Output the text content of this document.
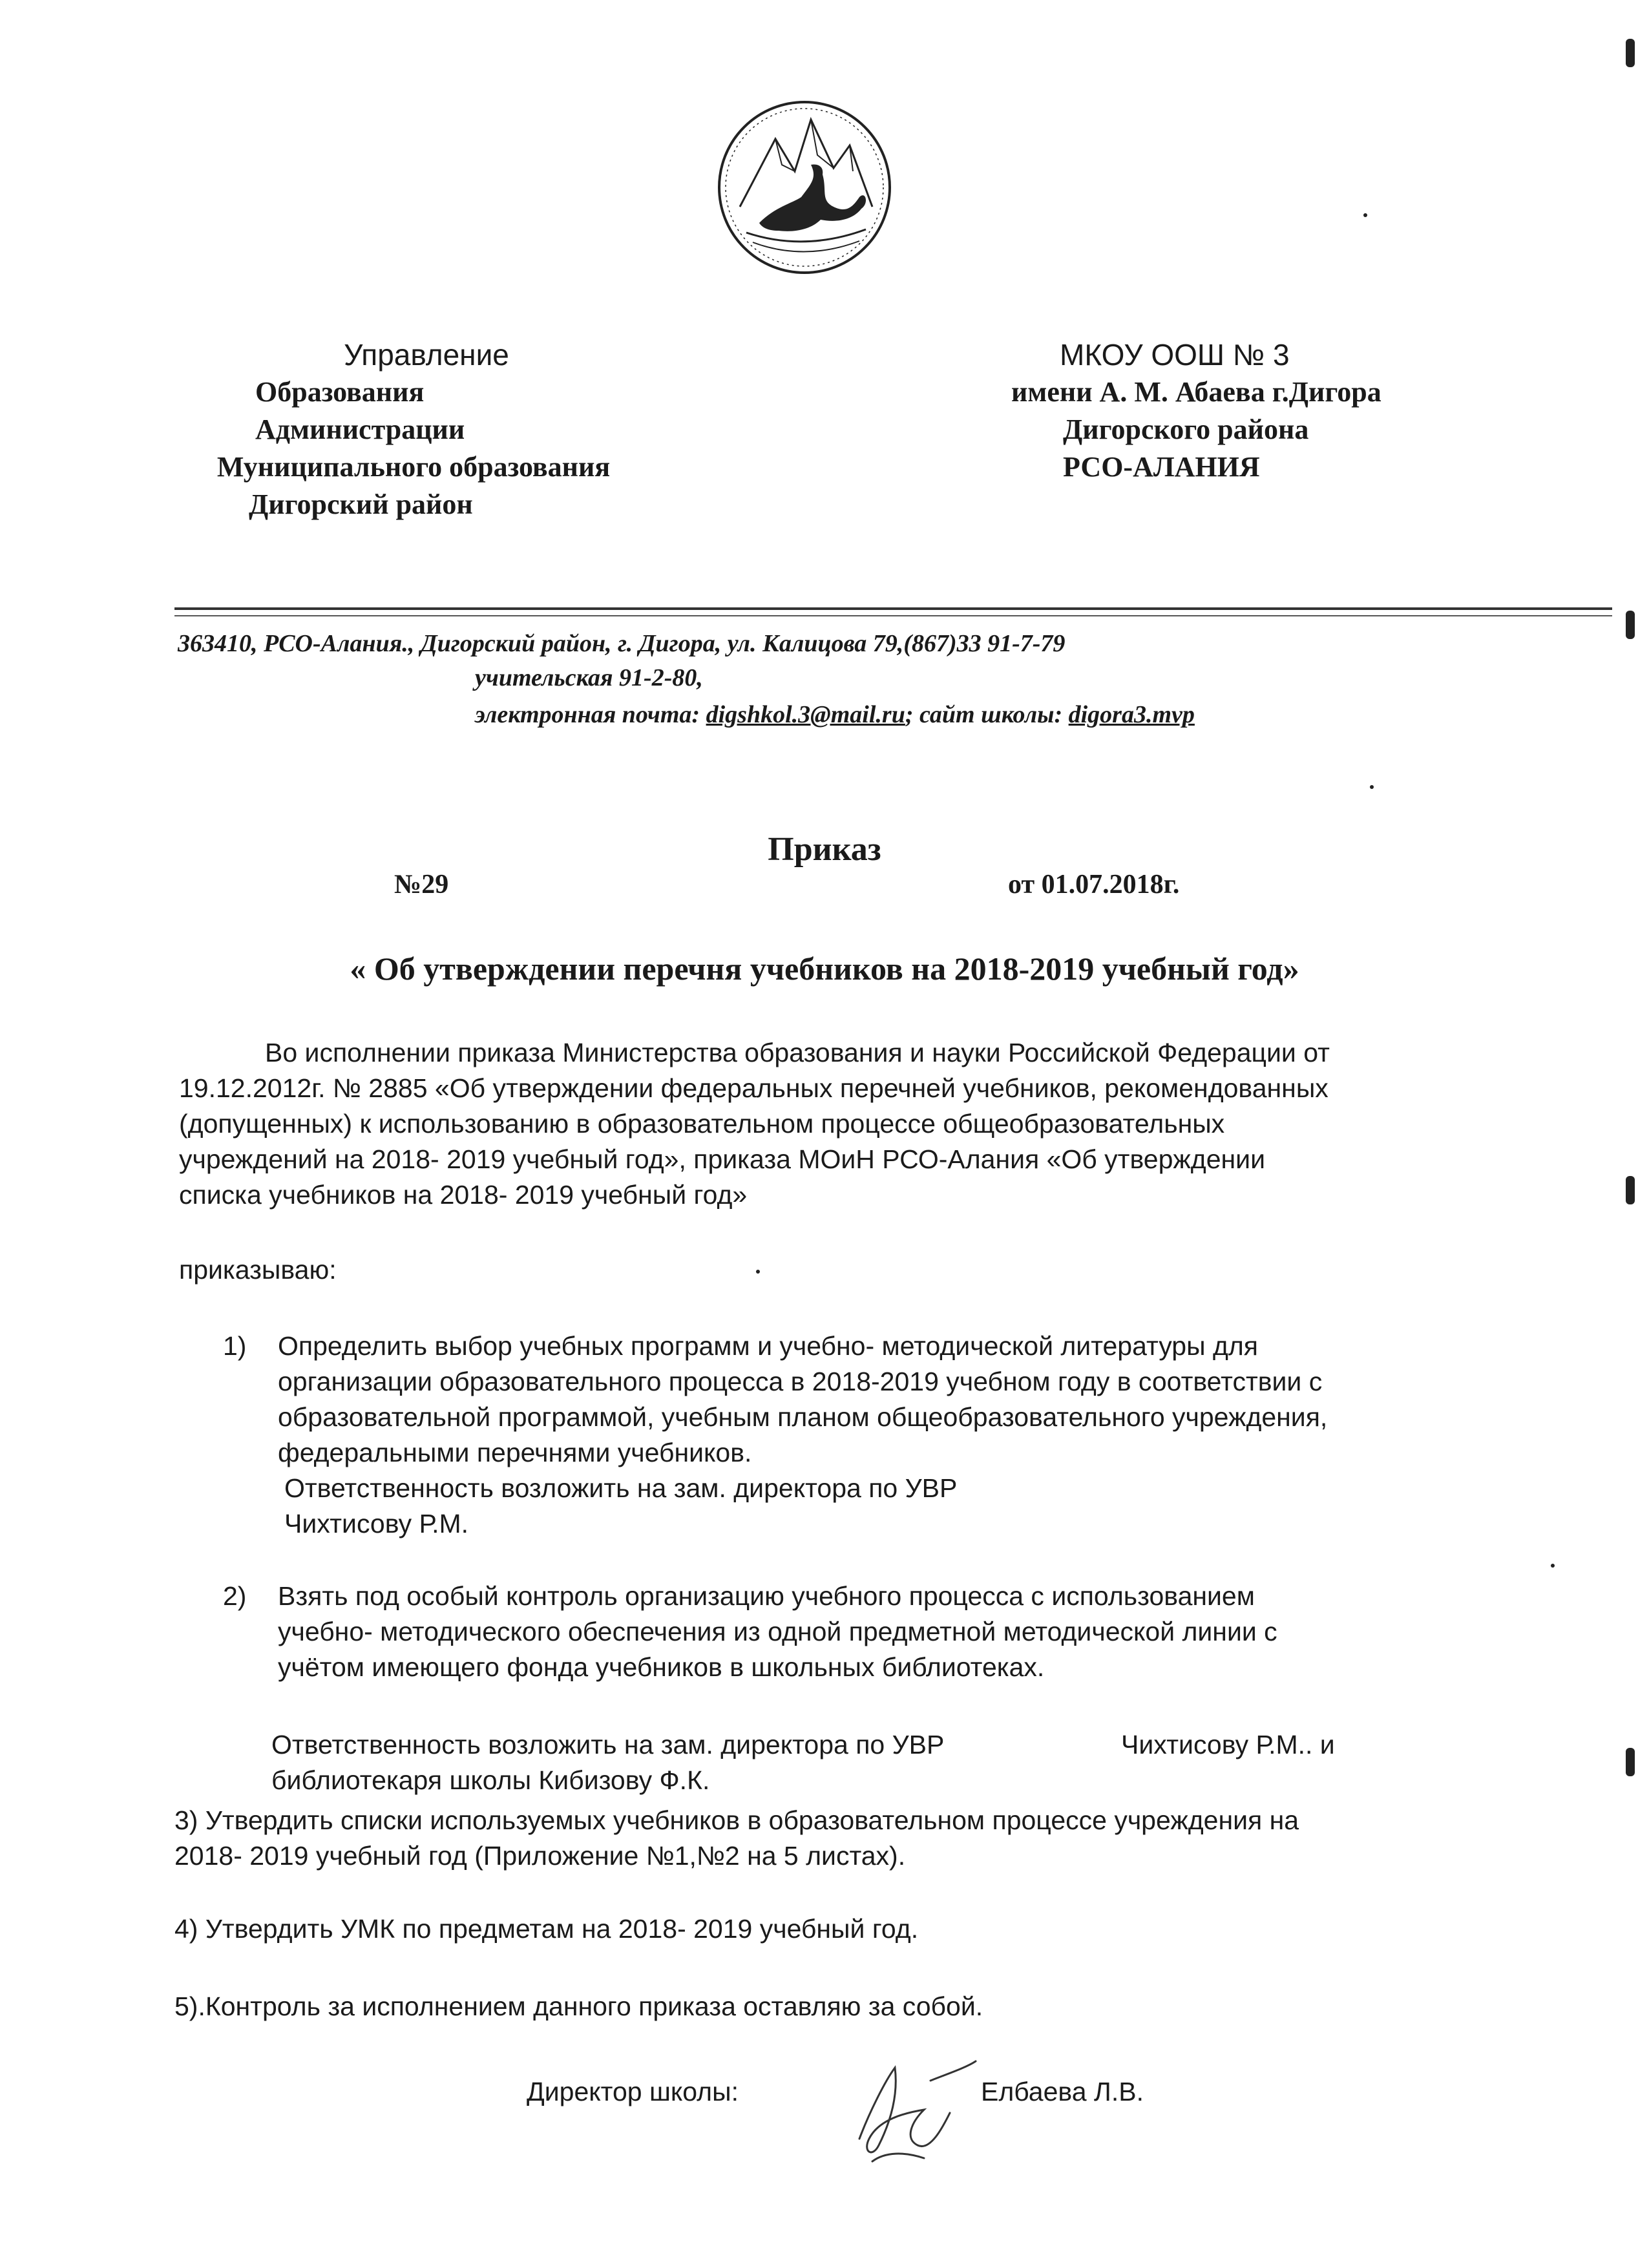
Управление
Образования
Администрации
Муниципального образования
Дигорский район
МКОУ ООШ № 3
имени А. М. Абаева г.Дигора
Дигорского района
РСО-АЛАНИЯ
363410, РСО-Алания., Дигорский район, г. Дигора, ул. Калицова 79,(867)33 91-7-79
учительская 91-2-80,
электронная почта: digshkol.3@mail.ru; сайт школы: digora3.mvp
Приказ
№29	от 01.07.2018г.
« Об утверждении перечня учебников на 2018-2019 учебный год»
Во исполнении приказа Министерства образования и науки Российской Федерации от
19.12.2012г. № 2885 «Об утверждении федеральных перечней учебников, рекомендованных
(допущенных) к использованию в образовательном процессе общеобразовательных
учреждений на 2018- 2019 учебный год», приказа МОиН РСО-Алания «Об утверждении
списка учебников на 2018- 2019 учебный год»
приказываю:
1) Определить выбор учебных программ и учебно- методической литературы для
организации образовательного процесса в 2018-2019 учебном году в соответствии с
образовательной программой, учебным планом общеобразовательного учреждения,
федеральными перечнями учебников.
Ответственность возложить на зам. директора по УВР
Чихтисову Р.М.
2) Взять под особый контроль организацию учебного процесса с использованием
учебно- методического обеспечения из одной предметной методической линии с
учётом имеющего фонда учебников в школьных библиотеках.
Ответственность возложить на зам. директора по УВР	Чихтисову Р.М.. и
библиотекаря школы Кибизову Ф.К.
3) Утвердить списки используемых учебников в образовательном процессе учреждения на
2018- 2019 учебный год (Приложение №1,№2 на 5 листах).
4) Утвердить УМК по предметам на 2018- 2019 учебный год.
5).Контроль за исполнением данного приказа оставляю за собой.
Директор школы:	Елбаева Л.В.
